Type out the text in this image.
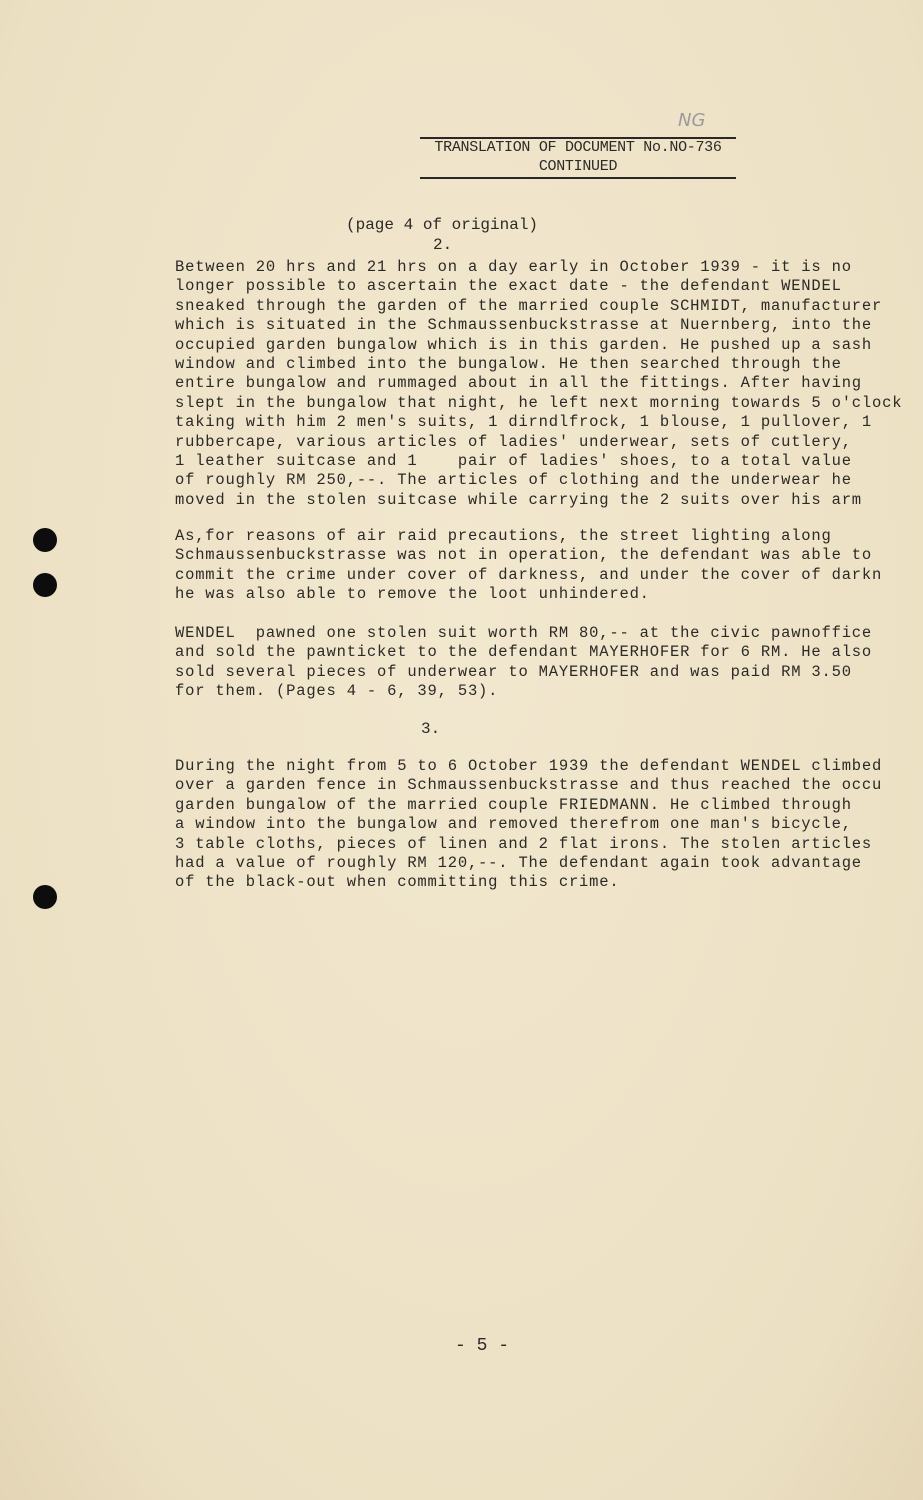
NG
TRANSLATION OF DOCUMENT No.NO-736
CONTINUED
(page 4 of original)
2.
3.
Between 20 hrs and 21 hrs on a day early in October 1939 - it is no
longer possible to ascertain the exact date - the defendant WENDEL
sneaked through the garden of the married couple SCHMIDT, manufacturer
which is situated in the Schmaussenbuckstrasse at Nuernberg, into the
occupied garden bungalow which is in this garden. He pushed up a sash
window and climbed into the bungalow. He then searched through the
entire bungalow and rummaged about in all the fittings. After having
slept in the bungalow that night, he left next morning towards 5 o'clock
taking with him 2 men's suits, 1 dirndlfrock, 1 blouse, 1 pullover, 1
rubbercape, various articles of ladies' underwear, sets of cutlery,
1 leather suitcase and 1    pair of ladies' shoes, to a total value
of roughly RM 250,--. The articles of clothing and the underwear he
moved in the stolen suitcase while carrying the 2 suits over his arm
As,for reasons of air raid precautions, the street lighting along
Schmaussenbuckstrasse was not in operation, the defendant was able to
commit the crime under cover of darkness, and under the cover of darkn
he was also able to remove the loot unhindered.
WENDEL  pawned one stolen suit worth RM 80,-- at the civic pawnoffice
and sold the pawnticket to the defendant MAYERHOFER for 6 RM. He also
sold several pieces of underwear to MAYERHOFER and was paid RM 3.50
for them. (Pages 4 - 6, 39, 53).
During the night from 5 to 6 October 1939 the defendant WENDEL climbed
over a garden fence in Schmaussenbuckstrasse and thus reached the occu
garden bungalow of the married couple FRIEDMANN. He climbed through
a window into the bungalow and removed therefrom one man's bicycle,
3 table cloths, pieces of linen and 2 flat irons. The stolen articles
had a value of roughly RM 120,--. The defendant again took advantage
of the black-out when committing this crime.
- 5 -
